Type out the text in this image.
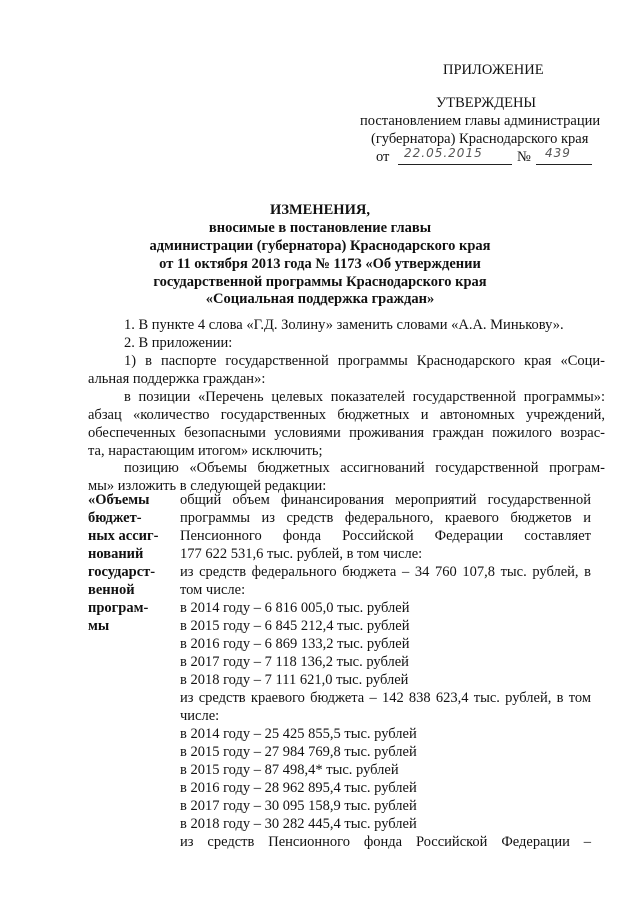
ПРИЛОЖЕНИЕ
УТВЕРЖДЕНЫ
постановлением главы администрации
(губернатора) Краснодарского края
от 22.05.2015 № 439
ИЗМЕНЕНИЯ,
вносимые в постановление главы
администрации (губернатора) Краснодарского края
от 11 октября 2013 года № 1173 «Об утверждении
государственной программы Краснодарского края
«Социальная поддержка граждан»
1. В пункте 4 слова «Г.Д. Золину» заменить словами «А.А. Минькову».
2. В приложении:
1) в паспорте государственной программы Краснодарского края «Соци-
альная поддержка граждан»:
в позиции «Перечень целевых показателей государственной программы»:
абзац «количество государственных бюджетных и автономных учреждений,
обеспеченных безопасными условиями проживания граждан пожилого возрас-
та, нарастающим итогом» исключить;
позицию «Объемы бюджетных ассигнований государственной програм-
мы» изложить в следующей редакции:
«Объемы
бюджет-
ных ассиг-
нований
государст-
венной
програм-
мы
общий объем финансирования мероприятий государственной
программы из средств федерального, краевого бюджетов и
Пенсионного фонда Российской Федерации составляет
177 622 531,6 тыс. рублей, в том числе:
из средств федерального бюджета – 34 760 107,8 тыс. рублей, в
том числе:
в 2014 году – 6 816 005,0 тыс. рублей
в 2015 году – 6 845 212,4 тыс. рублей
в 2016 году – 6 869 133,2 тыс. рублей
в 2017 году – 7 118 136,2 тыс. рублей
в 2018 году – 7 111 621,0 тыс. рублей
из средств краевого бюджета – 142 838 623,4 тыс. рублей, в том
числе:
в 2014 году – 25 425 855,5 тыс. рублей
в 2015 году – 27 984 769,8 тыс. рублей
в 2015 году – 87 498,4* тыс. рублей
в 2016 году – 28 962 895,4 тыс. рублей
в 2017 году – 30 095 158,9 тыс. рублей
в 2018 году – 30 282 445,4 тыс. рублей
из средств Пенсионного фонда Российской Федерации –
